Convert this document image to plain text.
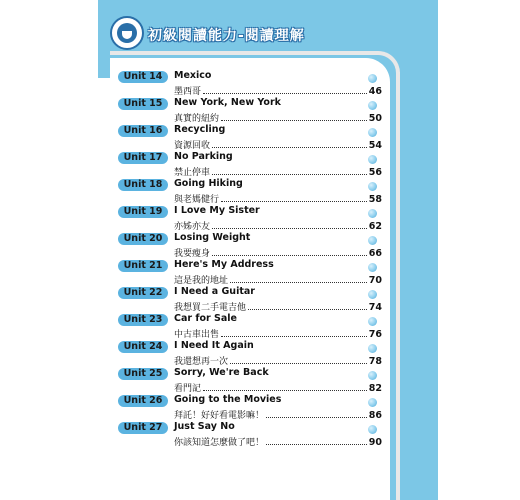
初級閱讀能力-閱讀理解
Unit 14	Mexico
墨西哥	46
Unit 15	New York, New York
真實的紐約	50
Unit 16	Recycling
資源回收	54
Unit 17	No Parking
禁止停車	56
Unit 18	Going Hiking
與老媽健行	58
Unit 19	I Love My Sister
亦姊亦友	62
Unit 20	Losing Weight
我要瘦身	66
Unit 21	Here's My Address
這是我的地址	70
Unit 22	I Need a Guitar
我想買二手電吉他	74
Unit 23	Car for Sale
中古車出售	76
Unit 24	I Need It Again
我還想再一次	78
Unit 25	Sorry, We're Back
看門記	82
Unit 26	Going to the Movies
拜託！好好看電影嘛！	86
Unit 27	Just Say No
你該知道怎麼做了吧！	90
